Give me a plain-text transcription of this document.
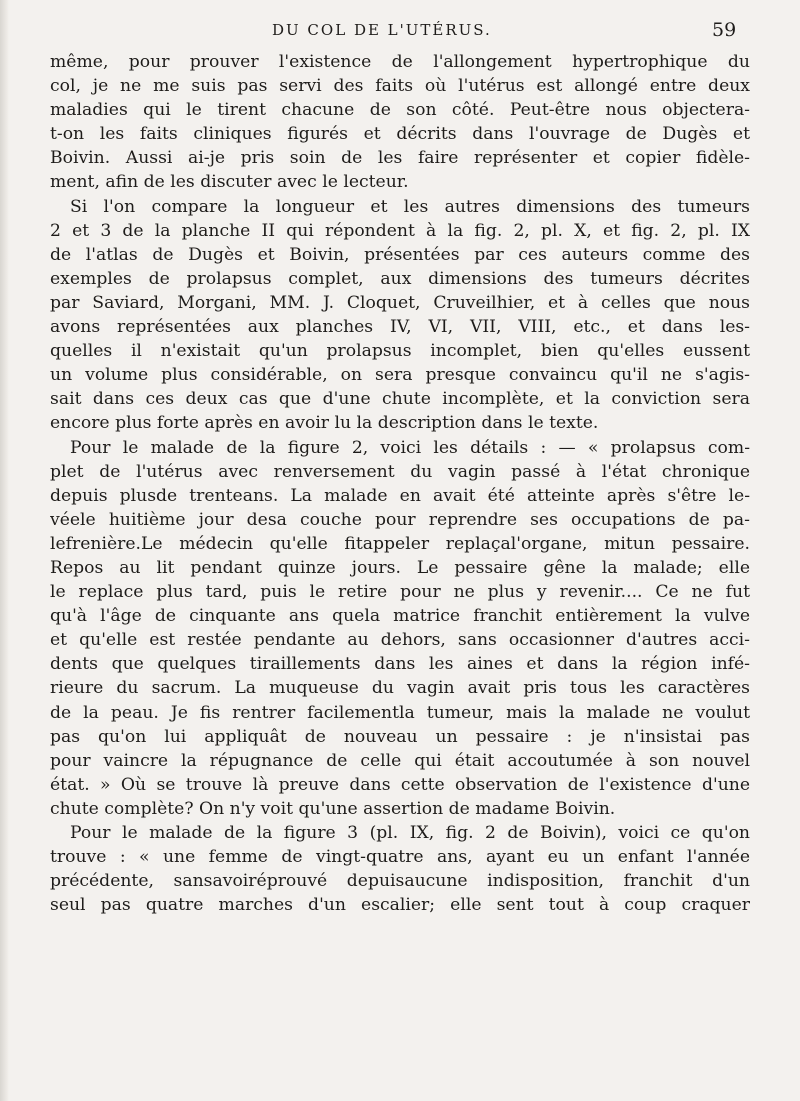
DU COL DE L'UTÉRUS.	59
même, pour prouver l'existence de l'allongement hypertrophique du
col, je ne me suis pas servi des faits où l'utérus est allongé entre deux
maladies qui le tirent chacune de son côté. Peut-être nous objectera-
t-on les faits cliniques figurés et décrits dans l'ouvrage de Dugès et
Boivin. Aussi ai-je pris soin de les faire représenter et copier fidèle-
ment, afin de les discuter avec le lecteur.
Si l'on compare la longueur et les autres dimensions des tumeurs
2 et 3 de la planche II qui répondent à la fig. 2, pl. X, et fig. 2, pl. IX
de l'atlas de Dugès et Boivin, présentées par ces auteurs comme des
exemples de prolapsus complet, aux dimensions des tumeurs décrites
par Saviard, Morgani, MM. J. Cloquet, Cruveilhier, et à celles que nous
avons représentées aux planches IV, VI, VII, VIII, etc., et dans les-
quelles il n'existait qu'un prolapsus incomplet, bien qu'elles eussent
un volume plus considérable, on sera presque convaincu qu'il ne s'agis-
sait dans ces deux cas que d'une chute incomplète, et la conviction sera
encore plus forte après en avoir lu la description dans le texte.
Pour le malade de la figure 2, voici les détails : — « prolapsus com-
plet de l'utérus avec renversement du vagin passé à l'état chronique
depuis plusde trenteans. La malade en avait été atteinte après s'être le-
véele huitième jour desa couche pour reprendre ses occupations de pa-
lefrenière.Le médecin qu'elle fitappeler replaçal'organe, mitun pessaire.
Repos au lit pendant quinze jours. Le pessaire gêne la malade; elle
le replace plus tard, puis le retire pour ne plus y revenir.... Ce ne fut
qu'à l'âge de cinquante ans quela matrice franchit entièrement la vulve
et qu'elle est restée pendante au dehors, sans occasionner d'autres acci-
dents que quelques tiraillements dans les aines et dans la région infé-
rieure du sacrum. La muqueuse du vagin avait pris tous les caractères
de la peau. Je fis rentrer facilementla tumeur, mais la malade ne voulut
pas qu'on lui appliquât de nouveau un pessaire : je n'insistai pas
pour vaincre la répugnance de celle qui était accoutumée à son nouvel
état. » Où se trouve là preuve dans cette observation de l'existence d'une
chute complète? On n'y voit qu'une assertion de madame Boivin.
Pour le malade de la figure 3 (pl. IX, fig. 2 de Boivin), voici ce qu'on
trouve : « une femme de vingt-quatre ans, ayant eu un enfant l'année
précédente, sansavoiréprouvé depuisaucune indisposition, franchit d'un
seul pas quatre marches d'un escalier; elle sent tout à coup craquer
